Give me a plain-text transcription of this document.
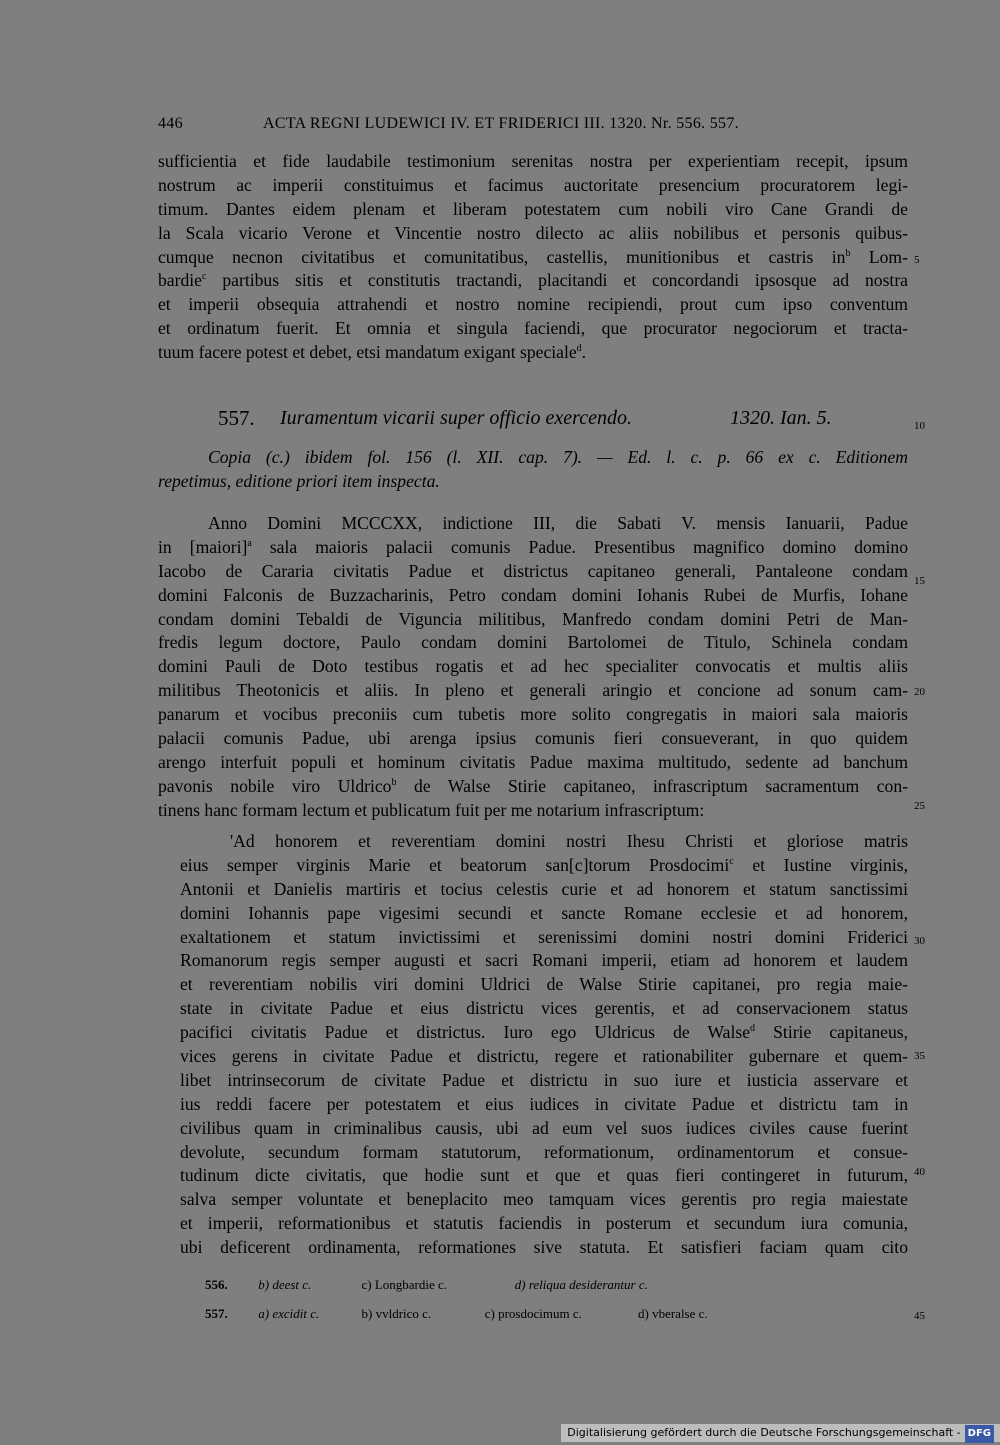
446	ACTA REGNI LUDEWICI IV. ET FRIDERICI III. 1320. Nr. 556. 557.
sufficientia et fide laudabile testimonium serenitas nostra per experientiam recepit, ipsum
nostrum ac imperii constituimus et facimus auctoritate presencium procuratorem legi-
timum. Dantes eidem plenam et liberam potestatem cum nobili viro Cane Grandi de
la Scala vicario Verone et Vincentie nostro dilecto ac aliis nobilibus et personis quibus-
cumque necnon civitatibus et comunitatibus, castellis, munitionibus et castris $in^b$ Lom-
bardie$^c$ partibus sitis et constitutis tractandi, placitandi et concordandi ipsosque ad nostra
et imperii obsequia attrahendi et nostro nomine recipiendi, prout cum ipso conventum
et ordinatum fuerit. Et omnia et singula faciendi, que procurator negociorum et tracta-
tuum facere potest et debet, etsi mandatum exigant speciale$^d$.
557. Iuramentum vicarii super officio exercendo.	1320. Ian. 5.
Copia (c.) ibidem fol. 156 (l. XII. cap. 7). — Ed. l. c. p. 66 ex c. Editionem
repetimus, editione priori item inspecta.
Anno Domini MCCCXX, indictione III, die Sabati V. mensis Ianuarii, Padue
in [maiori]$^a$ sala maioris palacii comunis Padue. Presentibus magnifico domino domino
Iacobo de Cararia civitatis Padue et districtus capitaneo generali, Pantaleone condam
domini Falconis de Buzzacharinis, Petro condam domini Iohanis Rubei de Murfis, Iohane
condam domini Tebaldi de Viguncia militibus, Manfredo condam domini Petri de Man-
fredis legum doctore, Paulo condam domini Bartolomei de Titulo, Schinela condam
domini Pauli de Doto testibus rogatis et ad hec specialiter convocatis et multis aliis
militibus Theotonicis et aliis. In pleno et generali aringio et concione ad sonum cam-
panarum et vocibus preconiis cum tubetis more solito congregatis in maiori sala maioris
palacii comunis Padue, ubi arenga ipsius comunis fieri consueverant, in quo quidem
arengo interfuit populi et hominum civitatis Padue maxima multitudo, sedente ad banchum
pavonis nobile viro Uldrico$^b$ de Walse Stirie capitaneo, infrascriptum sacramentum con-
tinens hanc formam lectum et publicatum fuit per me notarium infrascriptum:
'Ad honorem et reverentiam domini nostri Ihesu Christi et gloriose matris
eius semper virginis Marie et beatorum san[c]torum Prosdocimi$^c$ et Iustine virginis,
Antonii et Danielis martiris et tocius celestis curie et ad honorem et statum sanctissimi
domini Iohannis pape vigesimi secundi et sancte Romane ecclesie et ad honorem,
exaltationem et statum invictissimi et serenissimi domini nostri domini Friderici
Romanorum regis semper augusti et sacri Romani imperii, etiam ad honorem et laudem
et reverentiam nobilis viri domini Uldrici de Walse Stirie capitanei, pro regia maie-
state in civitate Padue et eius districtu vices gerentis, et ad conservacionem status
pacifici civitatis Padue et districtus. Iuro ego Uldricus de Walse$^d$ Stirie capitaneus,
vices gerens in civitate Padue et districtu, regere et rationabiliter gubernare et quem-
libet intrinsecorum de civitate Padue et districtu in suo iure et iusticia asservare et
ius reddi facere per potestatem et eius iudices in civitate Padue et districtu tam in
civilibus quam in criminalibus causis, ubi ad eum vel suos iudices civiles cause fuerint
devolute, secundum formam statutorum, reformationum, ordinamentorum et consue-
tudinum dicte civitatis, que hodie sunt et que et quas fieri contingeret in futurum,
salva semper voluntate et beneplacito meo tamquam vices gerentis pro regia maiestate
et imperii, reformationibus et statutis faciendis in posterum et secundum iura comunia,
ubi deficerent ordinamenta, reformationes sive statuta. Et satisfieri faciam quam cito
556. b) deest c.	c) Longbardie c.	d) reliqua desiderantur c.
557. a) excidit c.	b) vvldrico c.	c) prosdocimum c.	d) vberalse c.
5
10
15
20
25
30
35
40
45
Digitalisierung gefördert durch die Deutsche Forschungsgemeinschaft - DFG
